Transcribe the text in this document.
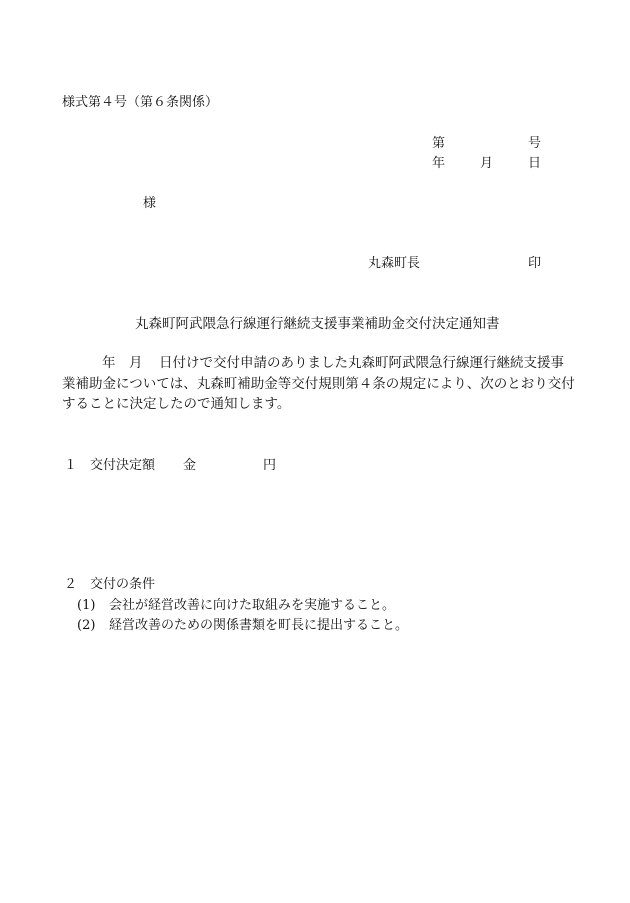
様式第４号（第６条関係）
第	号
年	月	日
様
丸森町長	印
丸森町阿武隈急行線運行継続支援事業補助金交付決定通知書
年 月 日付けで交付申請のありました丸森町阿武隈急行線運行継続支援事
業補助金については、丸森町補助金等交付規則第４条の規定により、次のとおり交付
することに決定したので通知します。
１ 交付決定額 金	円
２ 交付の条件
(1) 会社が経営改善に向けた取組みを実施すること。
(2) 経営改善のための関係書類を町長に提出すること。
